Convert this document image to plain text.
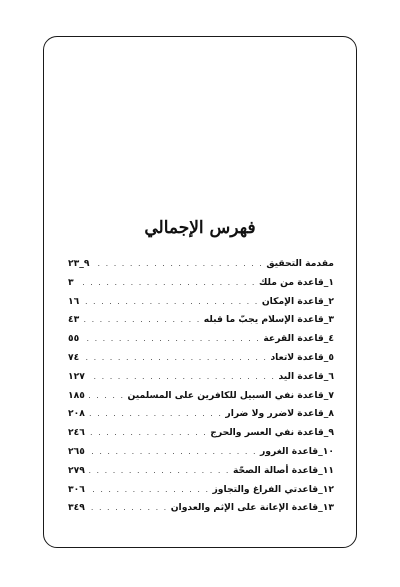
فهرس الإجمالي
مقدمة التحقيق
. . .
٩_٢٣
١_قاعدة من ملك
. . .
٣
٢_قاعدة الإمكان
. . .
١٦
٣_قاعدة الإسلام يجبّ ما قبله
. . .
٤٣
٤_قاعدة القرعة
. . .
٥٥
٥_قاعدة لاتعاد
. . .
٧٤
٦_قاعدة اليد
. . .
١٢٧
٧_قاعدة نفي السبيل للكافرين على المسلمين
. . .
١٨٥
٨_قاعدة لاضرر ولا ضرار
. . .
٢٠٨
٩_قاعدة نفي العسر والحرج
. . .
٢٤٦
١٠_قاعدة الغرور
. . .
٢٦٥
١١_قاعدة أصالة الصحّة
. . .
٢٧٩
١٢_قاعدتي الفراغ والتجاوز
. . .
٣٠٦
١٣_قاعدة الإعانة على الإثم والعدوان
. . .
٣٤٩
